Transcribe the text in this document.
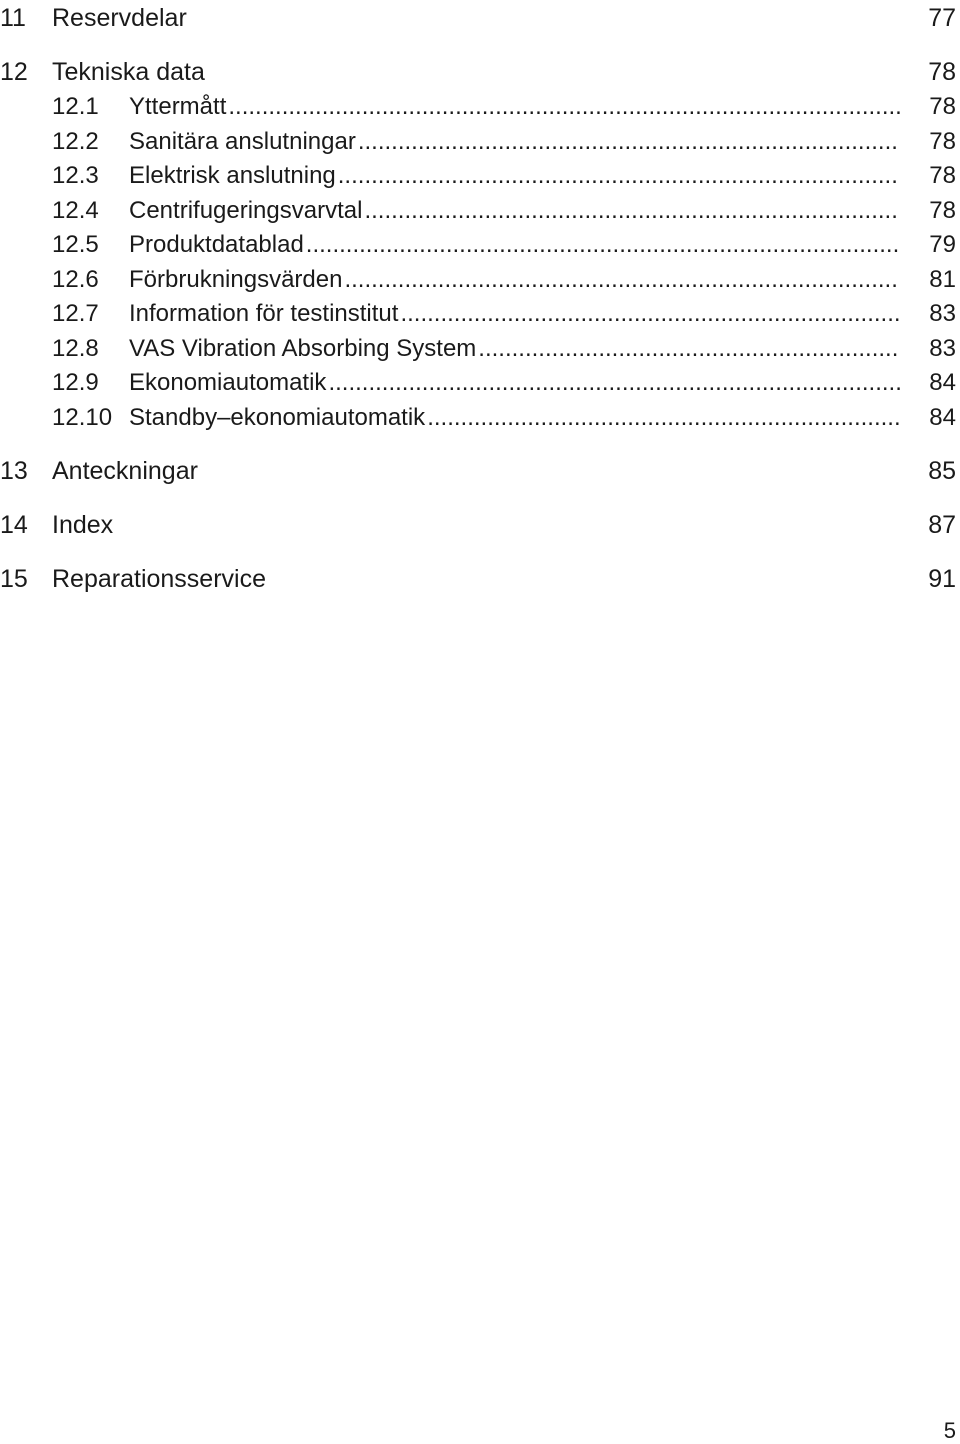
11 Reservdelar	77
12 Tekniska data	78
12.1 Yttermått .....	78
12.2 Sanitära anslutningar .....	78
12.3 Elektrisk anslutning .....	78
12.4 Centrifugeringsvarvtal .....	78
12.5 Produktdatablad .....	79
12.6 Förbrukningsvärden .....	81
12.7 Information för testinstitut .....	83
12.8 VAS Vibration Absorbing System .....	83
12.9 Ekonomiautomatik .....	84
12.10 Standby–ekonomiautomatik .....	84
13 Anteckningar	85
14 Index	87
15 Reparationsservice	91
5
